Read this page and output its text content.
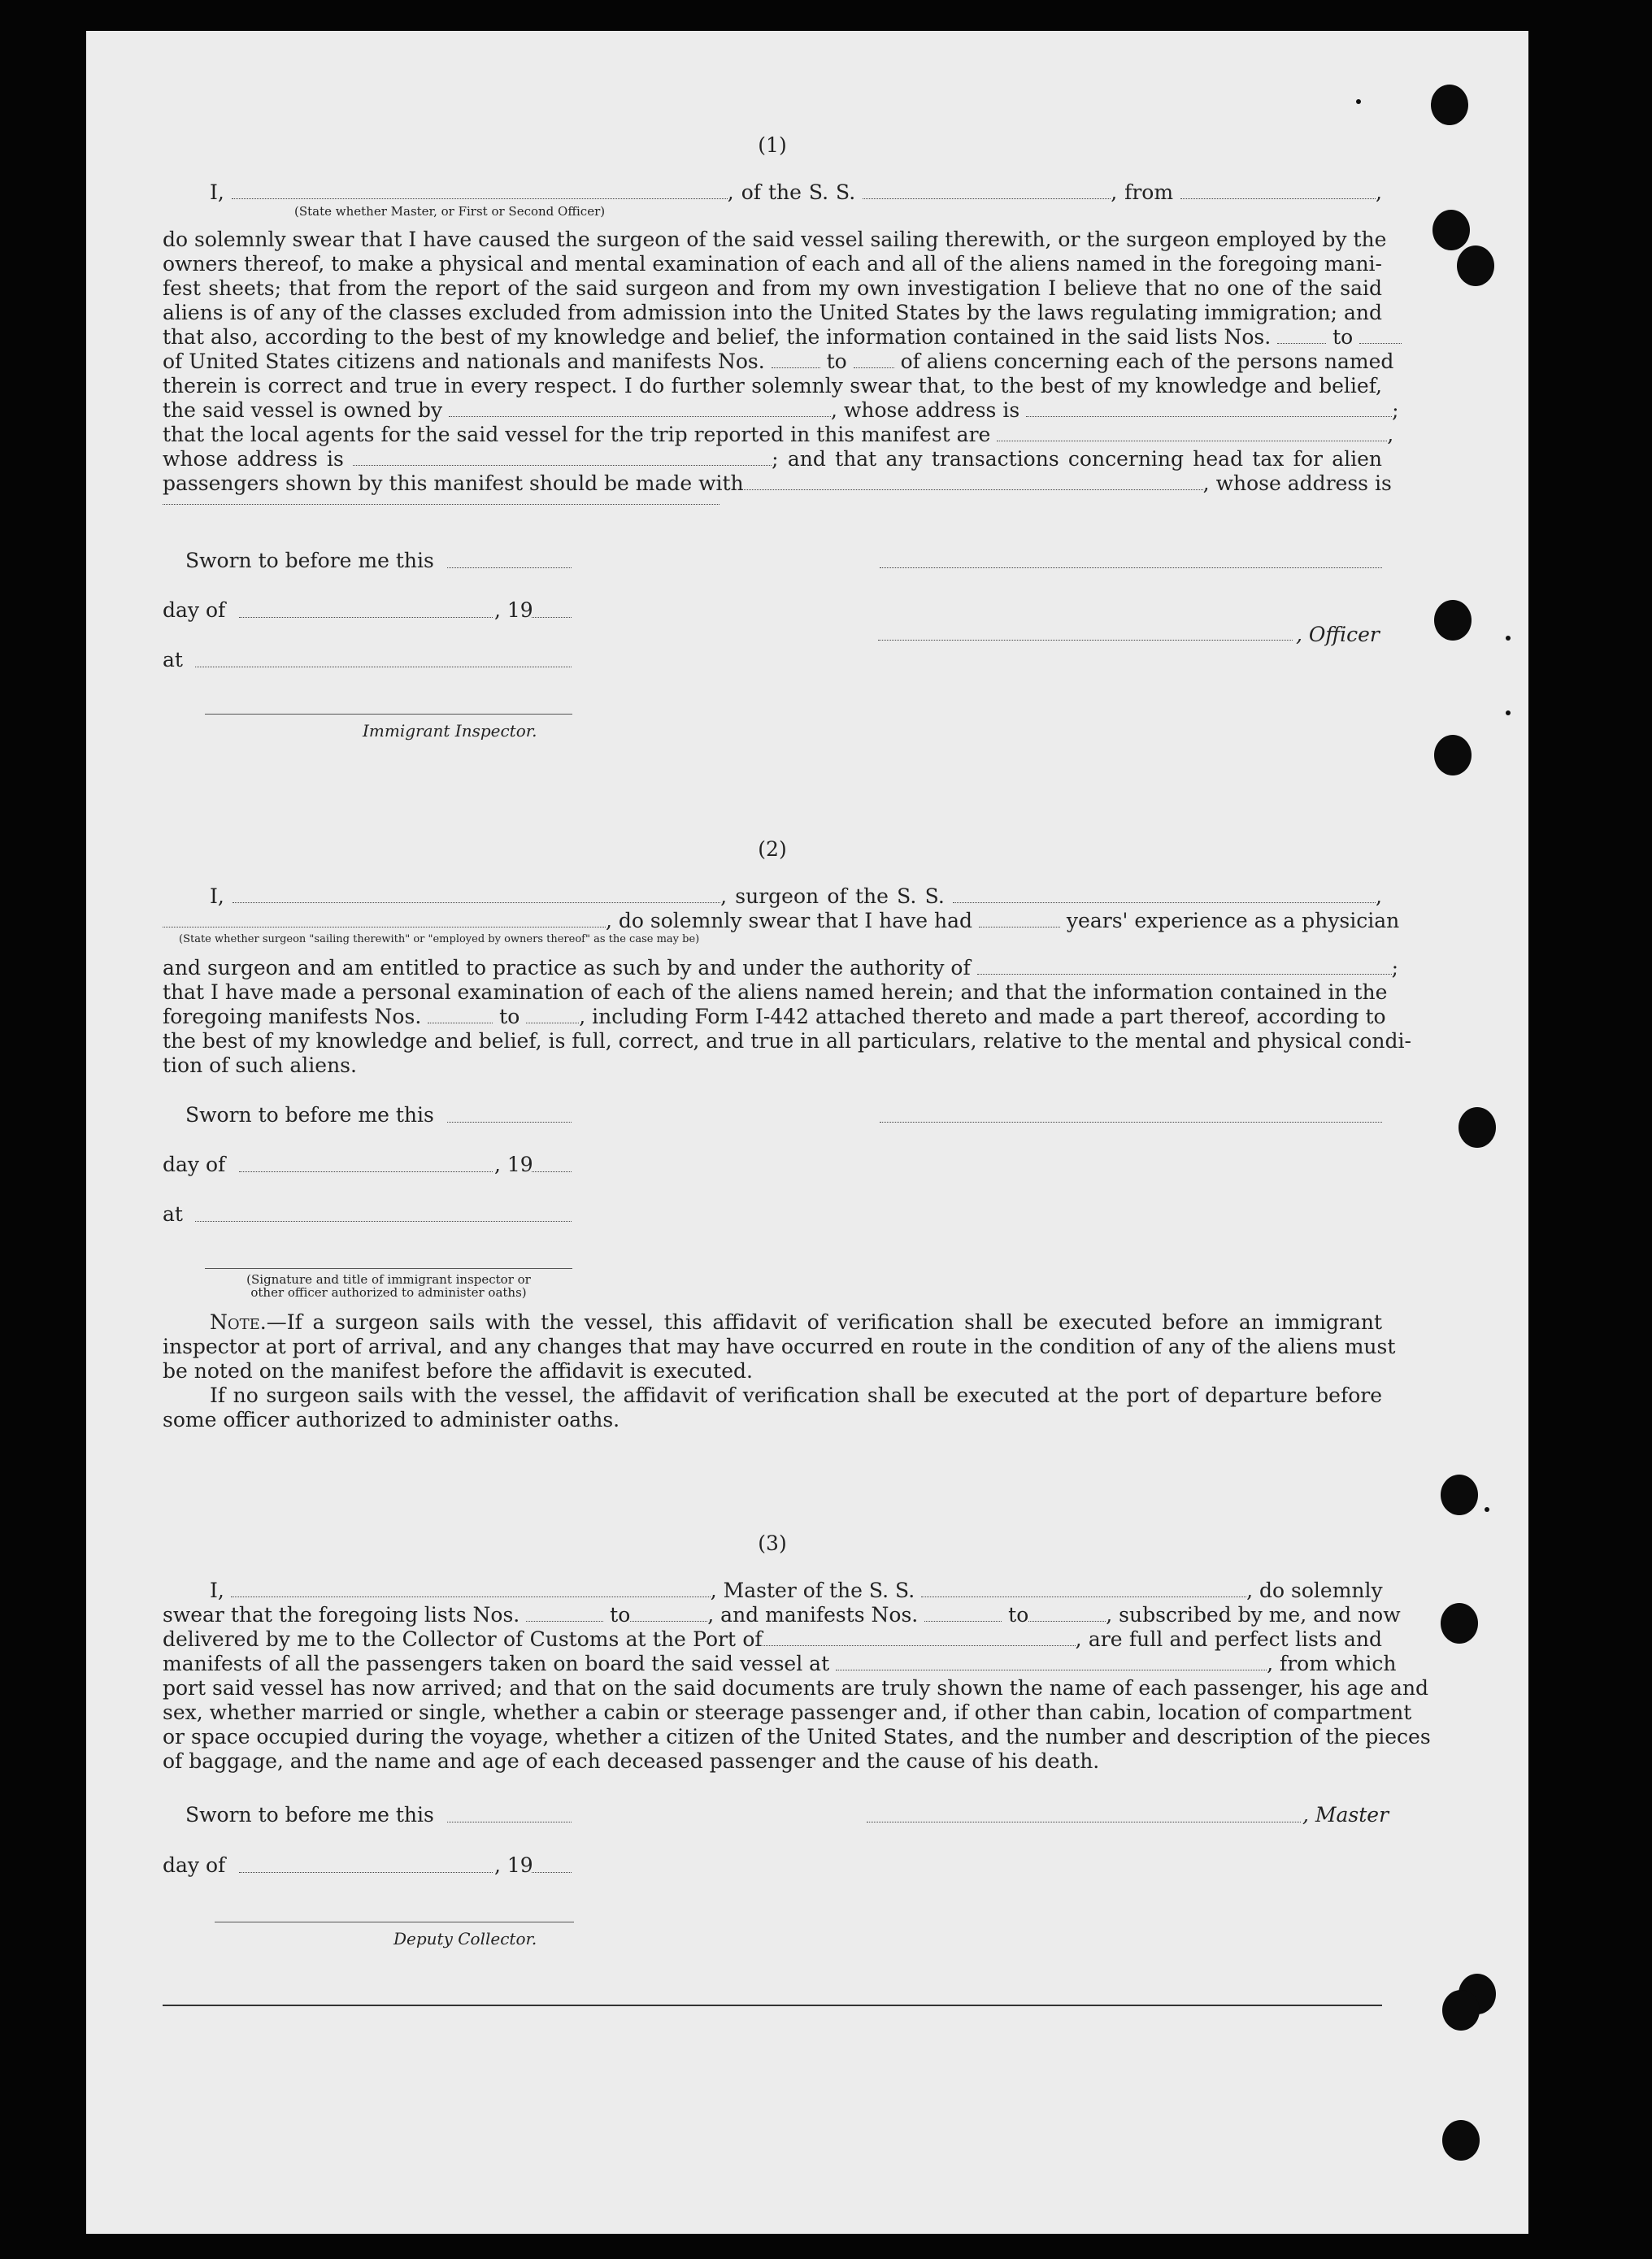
(1)
I,	, of the S. S.	, from	,
(State whether Master, or First or Second Officer)
do solemnly swear that I have caused the surgeon of the said vessel sailing therewith, or the surgeon employed by the
owners thereof, to make a physical and mental examination of each and all of the aliens named in the foregoing mani-
fest sheets; that from the report of the said surgeon and from my own investigation I believe that no one of the said
aliens is of any of the classes excluded from admission into the United States by the laws regulating immigration; and
that also, according to the best of my knowledge and belief, the information contained in the said lists Nos.	to
of United States citizens and nationals and manifests Nos.	to	of aliens concerning each of the persons named
therein is correct and true in every respect. I do further solemnly swear that, to the best of my knowledge and belief,
the said vessel is owned by	, whose address is	;
that the local agents for the said vessel for the trip reported in this manifest are	,
whose address is	; and that any transactions concerning head tax for alien
passengers shown by this manifest should be made with	, whose address is
Sworn to before me this
day of	, 19
, Officer
at
Immigrant Inspector.
(2)
I,	, surgeon of the S. S.	,
, do solemnly swear that I have had	years' experience as a physician
(State whether surgeon "sailing therewith" or "employed by owners thereof" as the case may be)
and surgeon and am entitled to practice as such by and under the authority of	;
that I have made a personal examination of each of the aliens named herein; and that the information contained in the
foregoing manifests Nos.	to	, including Form I-442 attached thereto and made a part thereof, according to
the best of my knowledge and belief, is full, correct, and true in all particulars, relative to the mental and physical condi-
tion of such aliens.
Sworn to before me this
day of	, 19
at
(Signature and title of immigrant inspector or
other officer authorized to administer oaths)
Note.—If a surgeon sails with the vessel, this affidavit of verification shall be executed before an immigrant
inspector at port of arrival, and any changes that may have occurred en route in the condition of any of the aliens must
be noted on the manifest before the affidavit is executed.
If no surgeon sails with the vessel, the affidavit of verification shall be executed at the port of departure before
some officer authorized to administer oaths.
(3)
I,	, Master of the S. S.	, do solemnly
swear that the foregoing lists Nos.	to	, and manifests Nos.	to	, subscribed by me, and now
delivered by me to the Collector of Customs at the Port of	, are full and perfect lists and
manifests of all the passengers taken on board the said vessel at	, from which
port said vessel has now arrived; and that on the said documents are truly shown the name of each passenger, his age and
sex, whether married or single, whether a cabin or steerage passenger and, if other than cabin, location of compartment
or space occupied during the voyage, whether a citizen of the United States, and the number and description of the pieces
of baggage, and the name and age of each deceased passenger and the cause of his death.
Sworn to before me this	, Master
day of	, 19
Deputy Collector.
